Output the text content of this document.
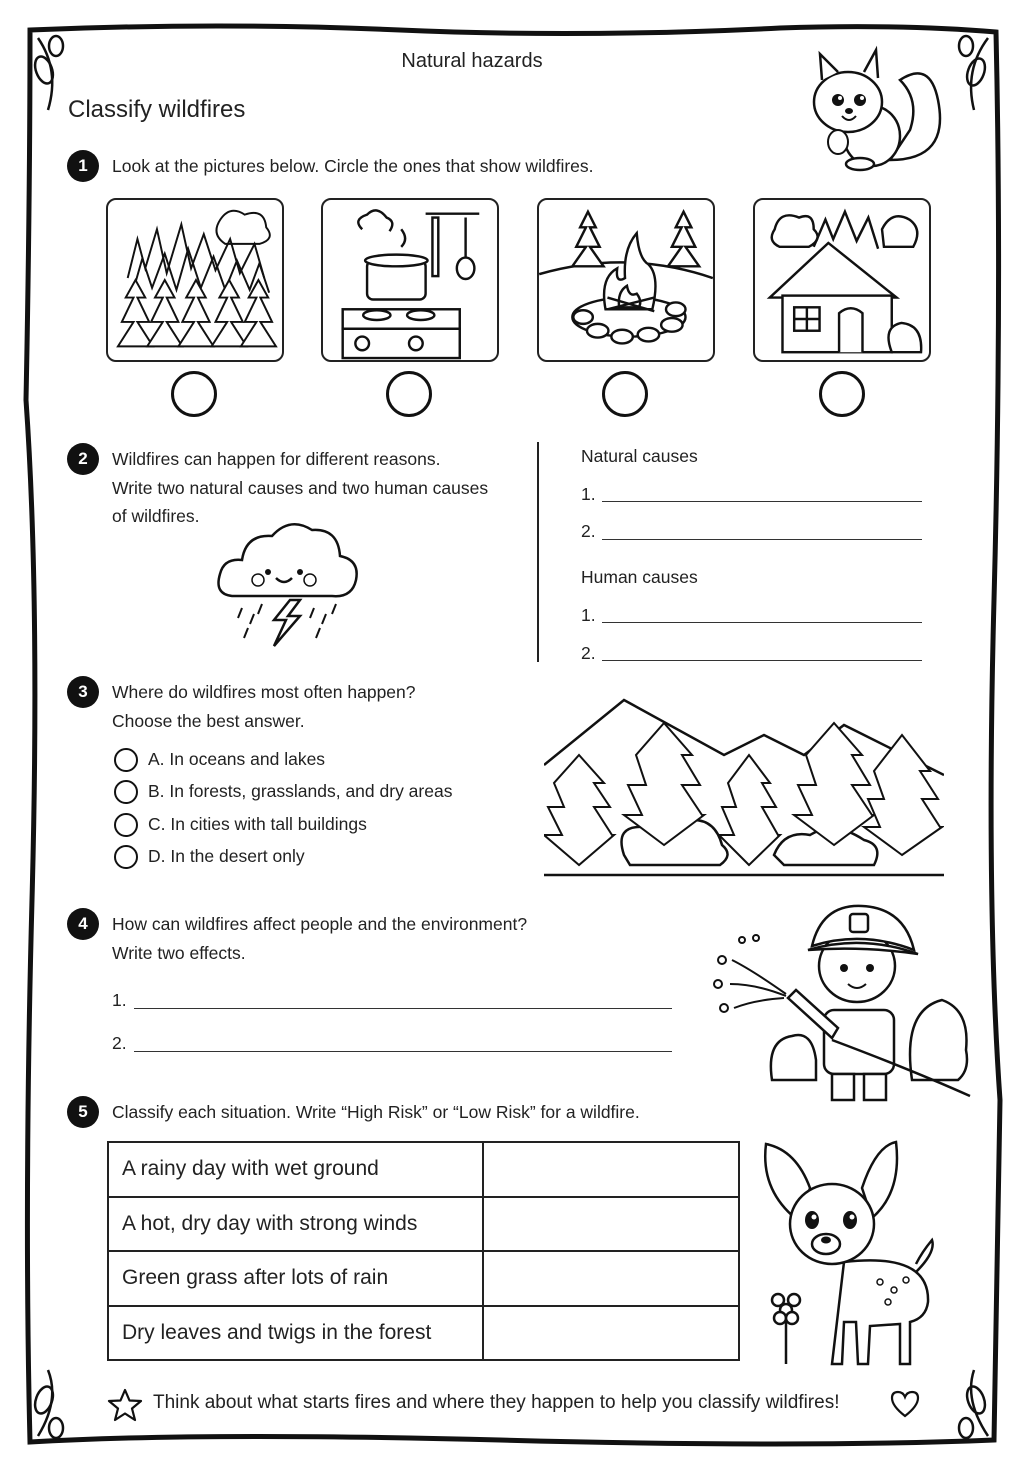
Natural hazards
Classify wildfires
1	Look at the pictures below. Circle the ones that show wildfires.
2	Wildfires can happen for different reasons.
Write two natural causes and two human causes
of wildfires.
Natural causes
1.
2.
Human causes
1.
2.
3	Where do wildfires most often happen?
Choose the best answer.
A. In oceans and lakes
B. In forests, grasslands, and dry areas
C. In cities with tall buildings
D. In the desert only
4	How can wildfires affect people and the environment?
Write two effects.
1.
2.
5	Classify each situation. Write “High Risk” or “Low Risk” for a wildfire.
A rainy day with wet ground	
A hot, dry day with strong winds	
Green grass after lots of rain	
Dry leaves and twigs in the forest	
Think about what starts fires and where they happen to help you classify wildfires!
